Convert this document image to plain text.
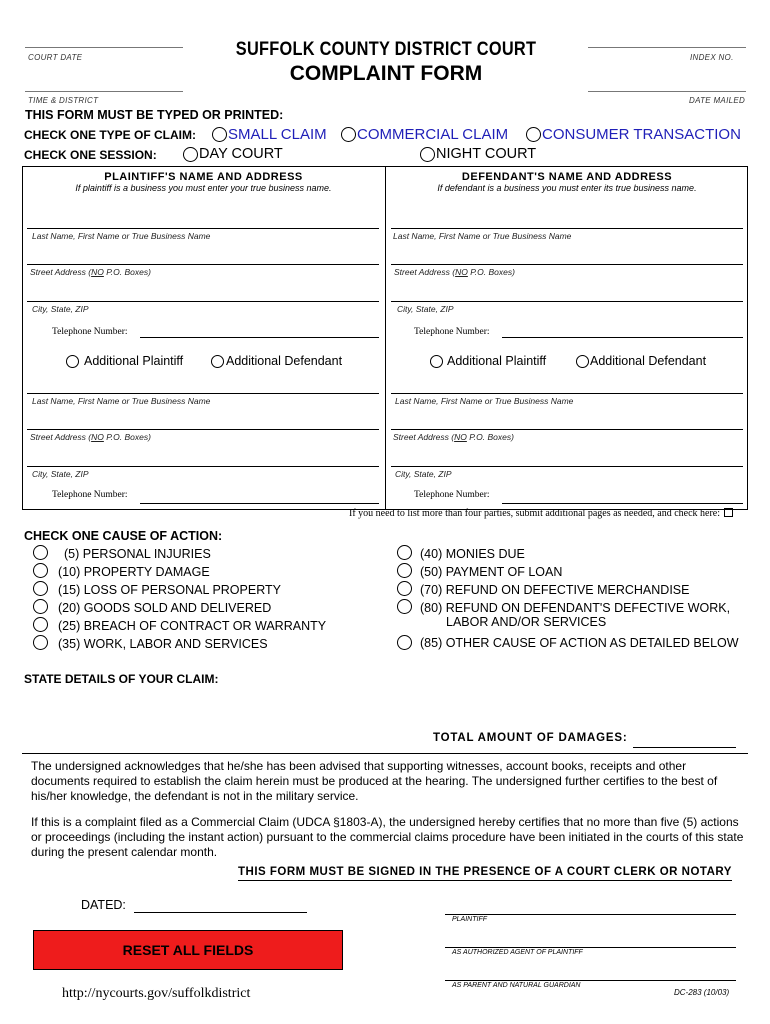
COURT DATE	INDEX NO.
SUFFOLK COUNTY DISTRICT COURT
COMPLAINT FORM
TIME & DISTRICT	DATE MAILED
THIS FORM MUST BE TYPED OR PRINTED:
CHECK ONE TYPE OF CLAIM: SMALL CLAIM COMMERCIAL CLAIM CONSUMER TRANSACTION
CHECK ONE SESSION:	DAY COURT	NIGHT COURT
PLAINTIFF'S NAME AND ADDRESS
If plaintiff is a business you must enter your true business name.
DEFENDANT'S NAME AND ADDRESS
If defendant is a business you must enter its true business name.
Last Name, First Name or True Business Name
Street Address (NO P.O. Boxes)
City, State, ZIP
Telephone Number:
Last Name, First Name or True Business Name
Street Address (NO P.O. Boxes)
City, State, ZIP
Telephone Number:
Additional Plaintiff	Additional Defendant	Additional Plaintiff	Additional Defendant
Last Name, First Name or True Business Name
Street Address (NO P.O. Boxes)
City, State, ZIP
Telephone Number:
Last Name, First Name or True Business Name
Street Address (NO P.O. Boxes)
City, State, ZIP
Telephone Number:
If you need to list more than four parties, submit additional pages as needed, and check here:
CHECK ONE CAUSE OF ACTION:
(5) PERSONAL INJURIES
(10) PROPERTY DAMAGE
(15) LOSS OF PERSONAL PROPERTY
(20) GOODS SOLD AND DELIVERED
(25) BREACH OF CONTRACT OR WARRANTY
(35) WORK, LABOR AND SERVICES
(40) MONIES DUE
(50) PAYMENT OF LOAN
(70) REFUND ON DEFECTIVE MERCHANDISE
(80) REFUND ON DEFENDANT'S DEFECTIVE WORK,
LABOR AND/OR SERVICES
(85) OTHER CAUSE OF ACTION AS DETAILED BELOW
STATE DETAILS OF YOUR CLAIM:
TOTAL AMOUNT OF DAMAGES:
The undersigned acknowledges that he/she has been advised that supporting witnesses, account books, receipts and other documents required to establish the claim herein must be produced at the hearing. The undersigned further certifies to the best of his/her knowledge, the defendant is not in the military service.
If this is a complaint filed as a Commercial Claim (UDCA §1803-A), the undersigned hereby certifies that no more than five (5) actions or proceedings (including the instant action) pursuant to the commercial claims procedure have been initiated in the courts of this state during the present calendar month.
THIS FORM MUST BE SIGNED IN THE PRESENCE OF A COURT CLERK OR NOTARY
DATED:
RESET ALL FIELDS
PLAINTIFF
AS AUTHORIZED AGENT OF PLAINTIFF
AS PARENT AND NATURAL GUARDIAN
http://nycourts.gov/suffolkdistrict	DC-283 (10/03)
